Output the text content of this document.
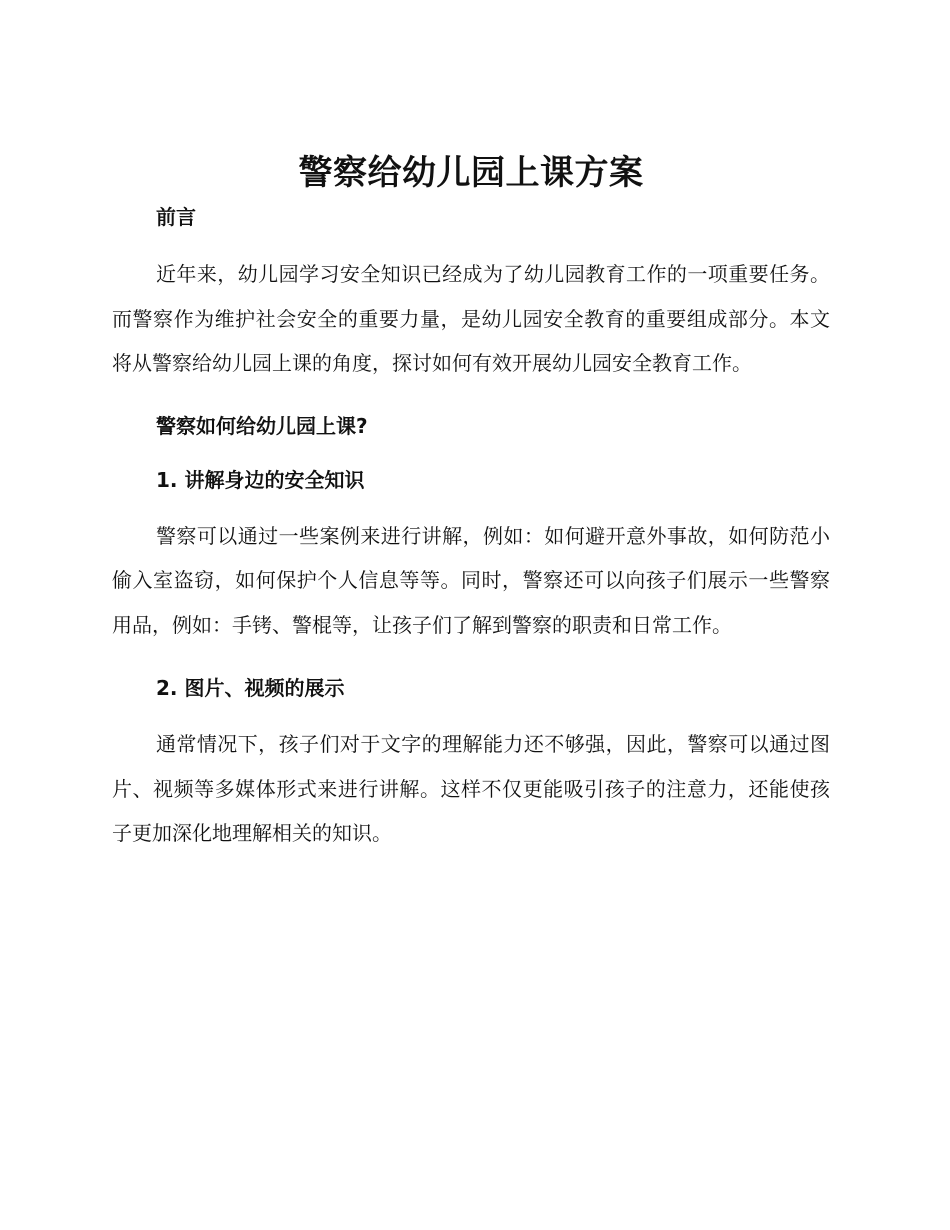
警察给幼儿园上课方案
前言

近年来，幼儿园学习安全知识已经成为了幼儿园教育工作的一项重要任务。而警察作为维护社会安全的重要力量，是幼儿园安全教育的重要组成部分。本文将从警察给幼儿园上课的角度，探讨如何有效开展幼儿园安全教育工作。

警察如何给幼儿园上课?
1. 讲解身边的安全知识

警察可以通过一些案例来进行讲解，例如：如何避开意外事故，如何防范小偷入室盗窃，如何保护个人信息等等。同时，警察还可以向孩子们展示一些警察用品，例如：手铐、警棍等，让孩子们了解到警察的职责和日常工作。

2. 图片、视频的展示

通常情况下，孩子们对于文字的理解能力还不够强，因此，警察可以通过图片、视频等多媒体形式来进行讲解。这样不仅更能吸引孩子的注意力，还能使孩子更加深化地理解相关的知识。
